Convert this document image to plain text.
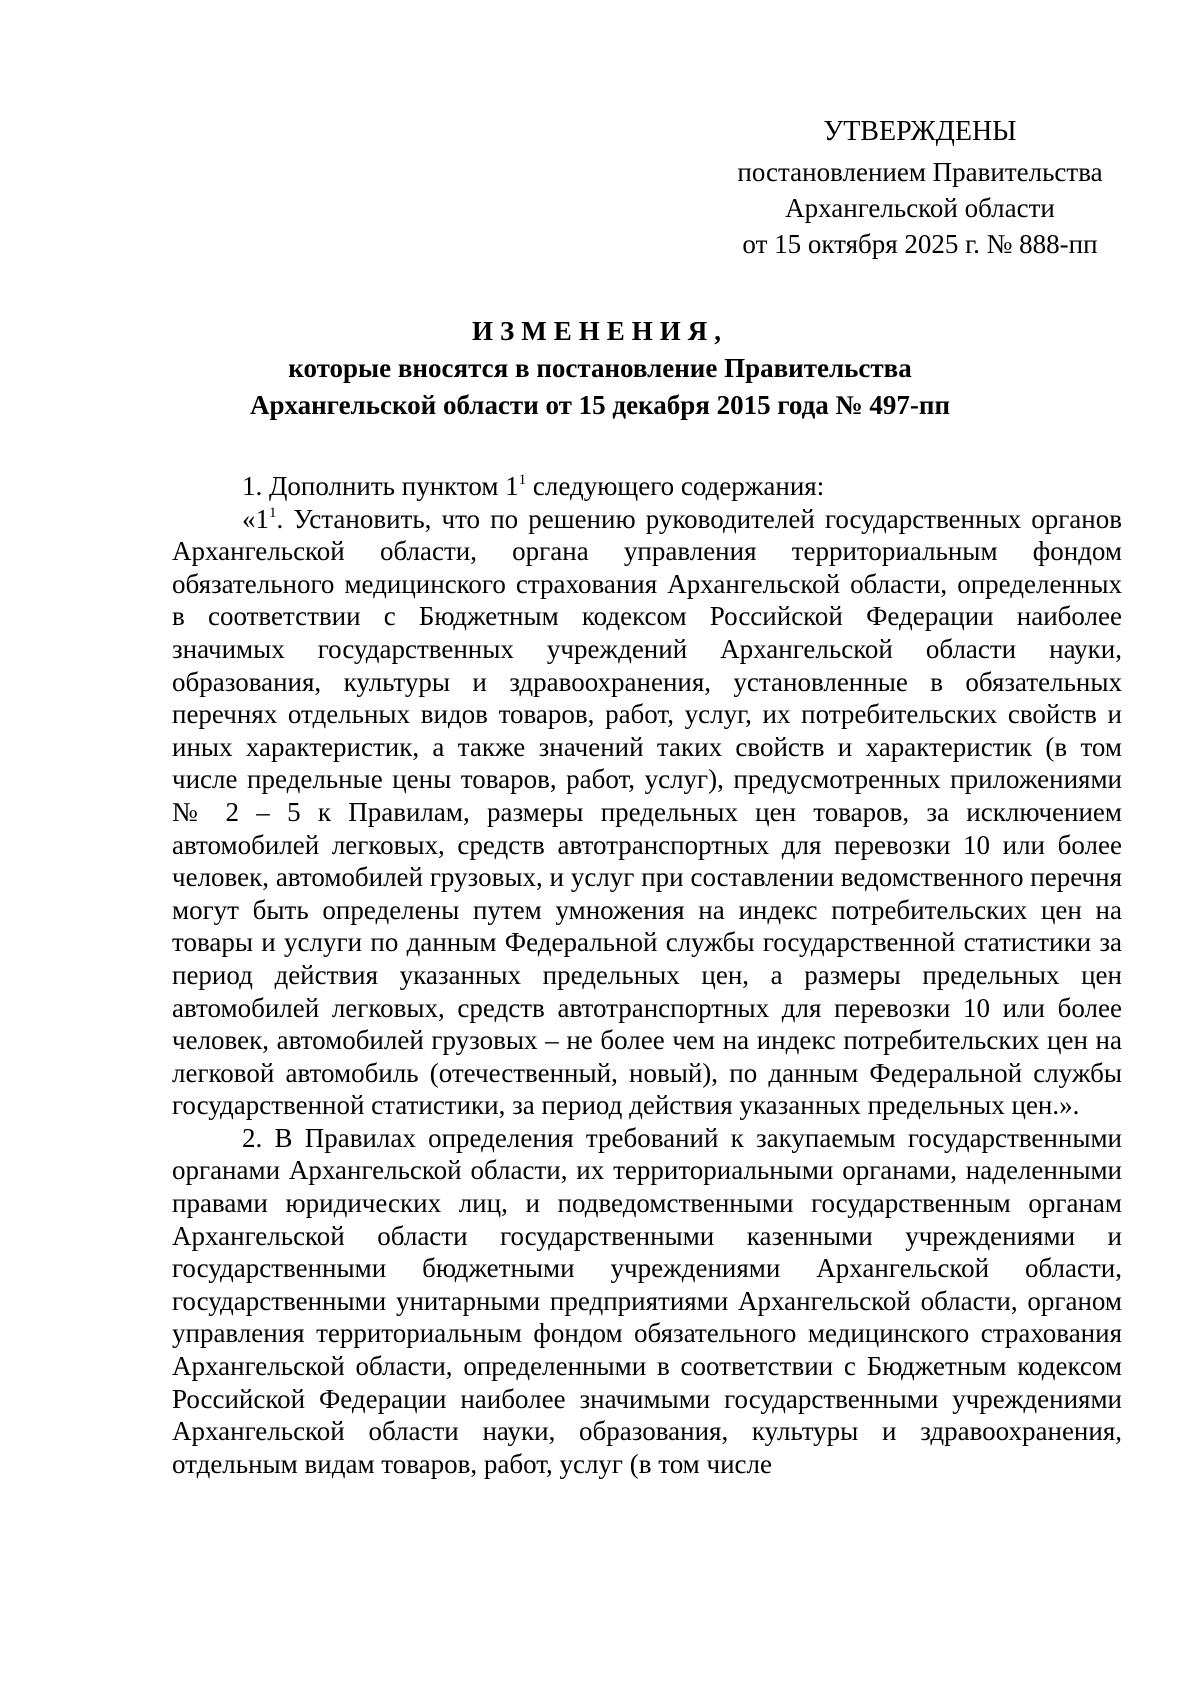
УТВЕРЖДЕНЫ
постановлением Правительства
Архангельской области
от 15 октября 2025 г. № 888-пп
ИЗМЕНЕНИЯ,
которые вносятся в постановление Правительства
Архангельской области от 15 декабря 2015 года № 497-пп

1. Дополнить пунктом $1^1$ следующего содержания:

«$1^1$. Установить, что по решению руководителей государственных органов Архангельской области, органа управления территориальным фондом обязательного медицинского страхования Архангельской области, определенных в соответствии с Бюджетным кодексом Российской Федерации наиболее значимых государственных учреждений Архангельской области науки, образования, культуры и здравоохранения, установленные в обязательных перечнях отдельных видов товаров, работ, услуг, их потребительских свойств и иных характеристик, а также значений таких свойств и характеристик (в том числе предельные цены товаров, работ, услуг), предусмотренных приложениями № 2 – 5 к Правилам, размеры предельных цен товаров, за исключением автомобилей легковых, средств автотранспортных для перевозки 10 или более человек, автомобилей грузовых, и услуг при составлении ведомственного перечня могут быть определены путем умножения на индекс потребительских цен на товары и услуги по данным Федеральной службы государственной статистики за период действия указанных предельных цен, а размеры предельных цен автомобилей легковых, средств автотранспортных для перевозки 10 или более человек, автомобилей грузовых – не более чем на индекс потребительских цен на легковой автомобиль (отечественный, новый), по данным Федеральной службы государственной статистики, за период действия указанных предельных цен.».

2. В Правилах определения требований к закупаемым государственными органами Архангельской области, их территориальными органами, наделенными правами юридических лиц, и подведомственными государственным органам Архангельской области государственными казенными учреждениями и государственными бюджетными учреждениями Архангельской области, государственными унитарными предприятиями Архангельской области, органом управления территориальным фондом обязательного медицинского страхования Архангельской области, определенными в соответствии с Бюджетным кодексом Российской Федерации наиболее значимыми государственными учреждениями Архангельской области науки, образования, культуры и здравоохранения, отдельным видам товаров, работ, услуг (в том числе
